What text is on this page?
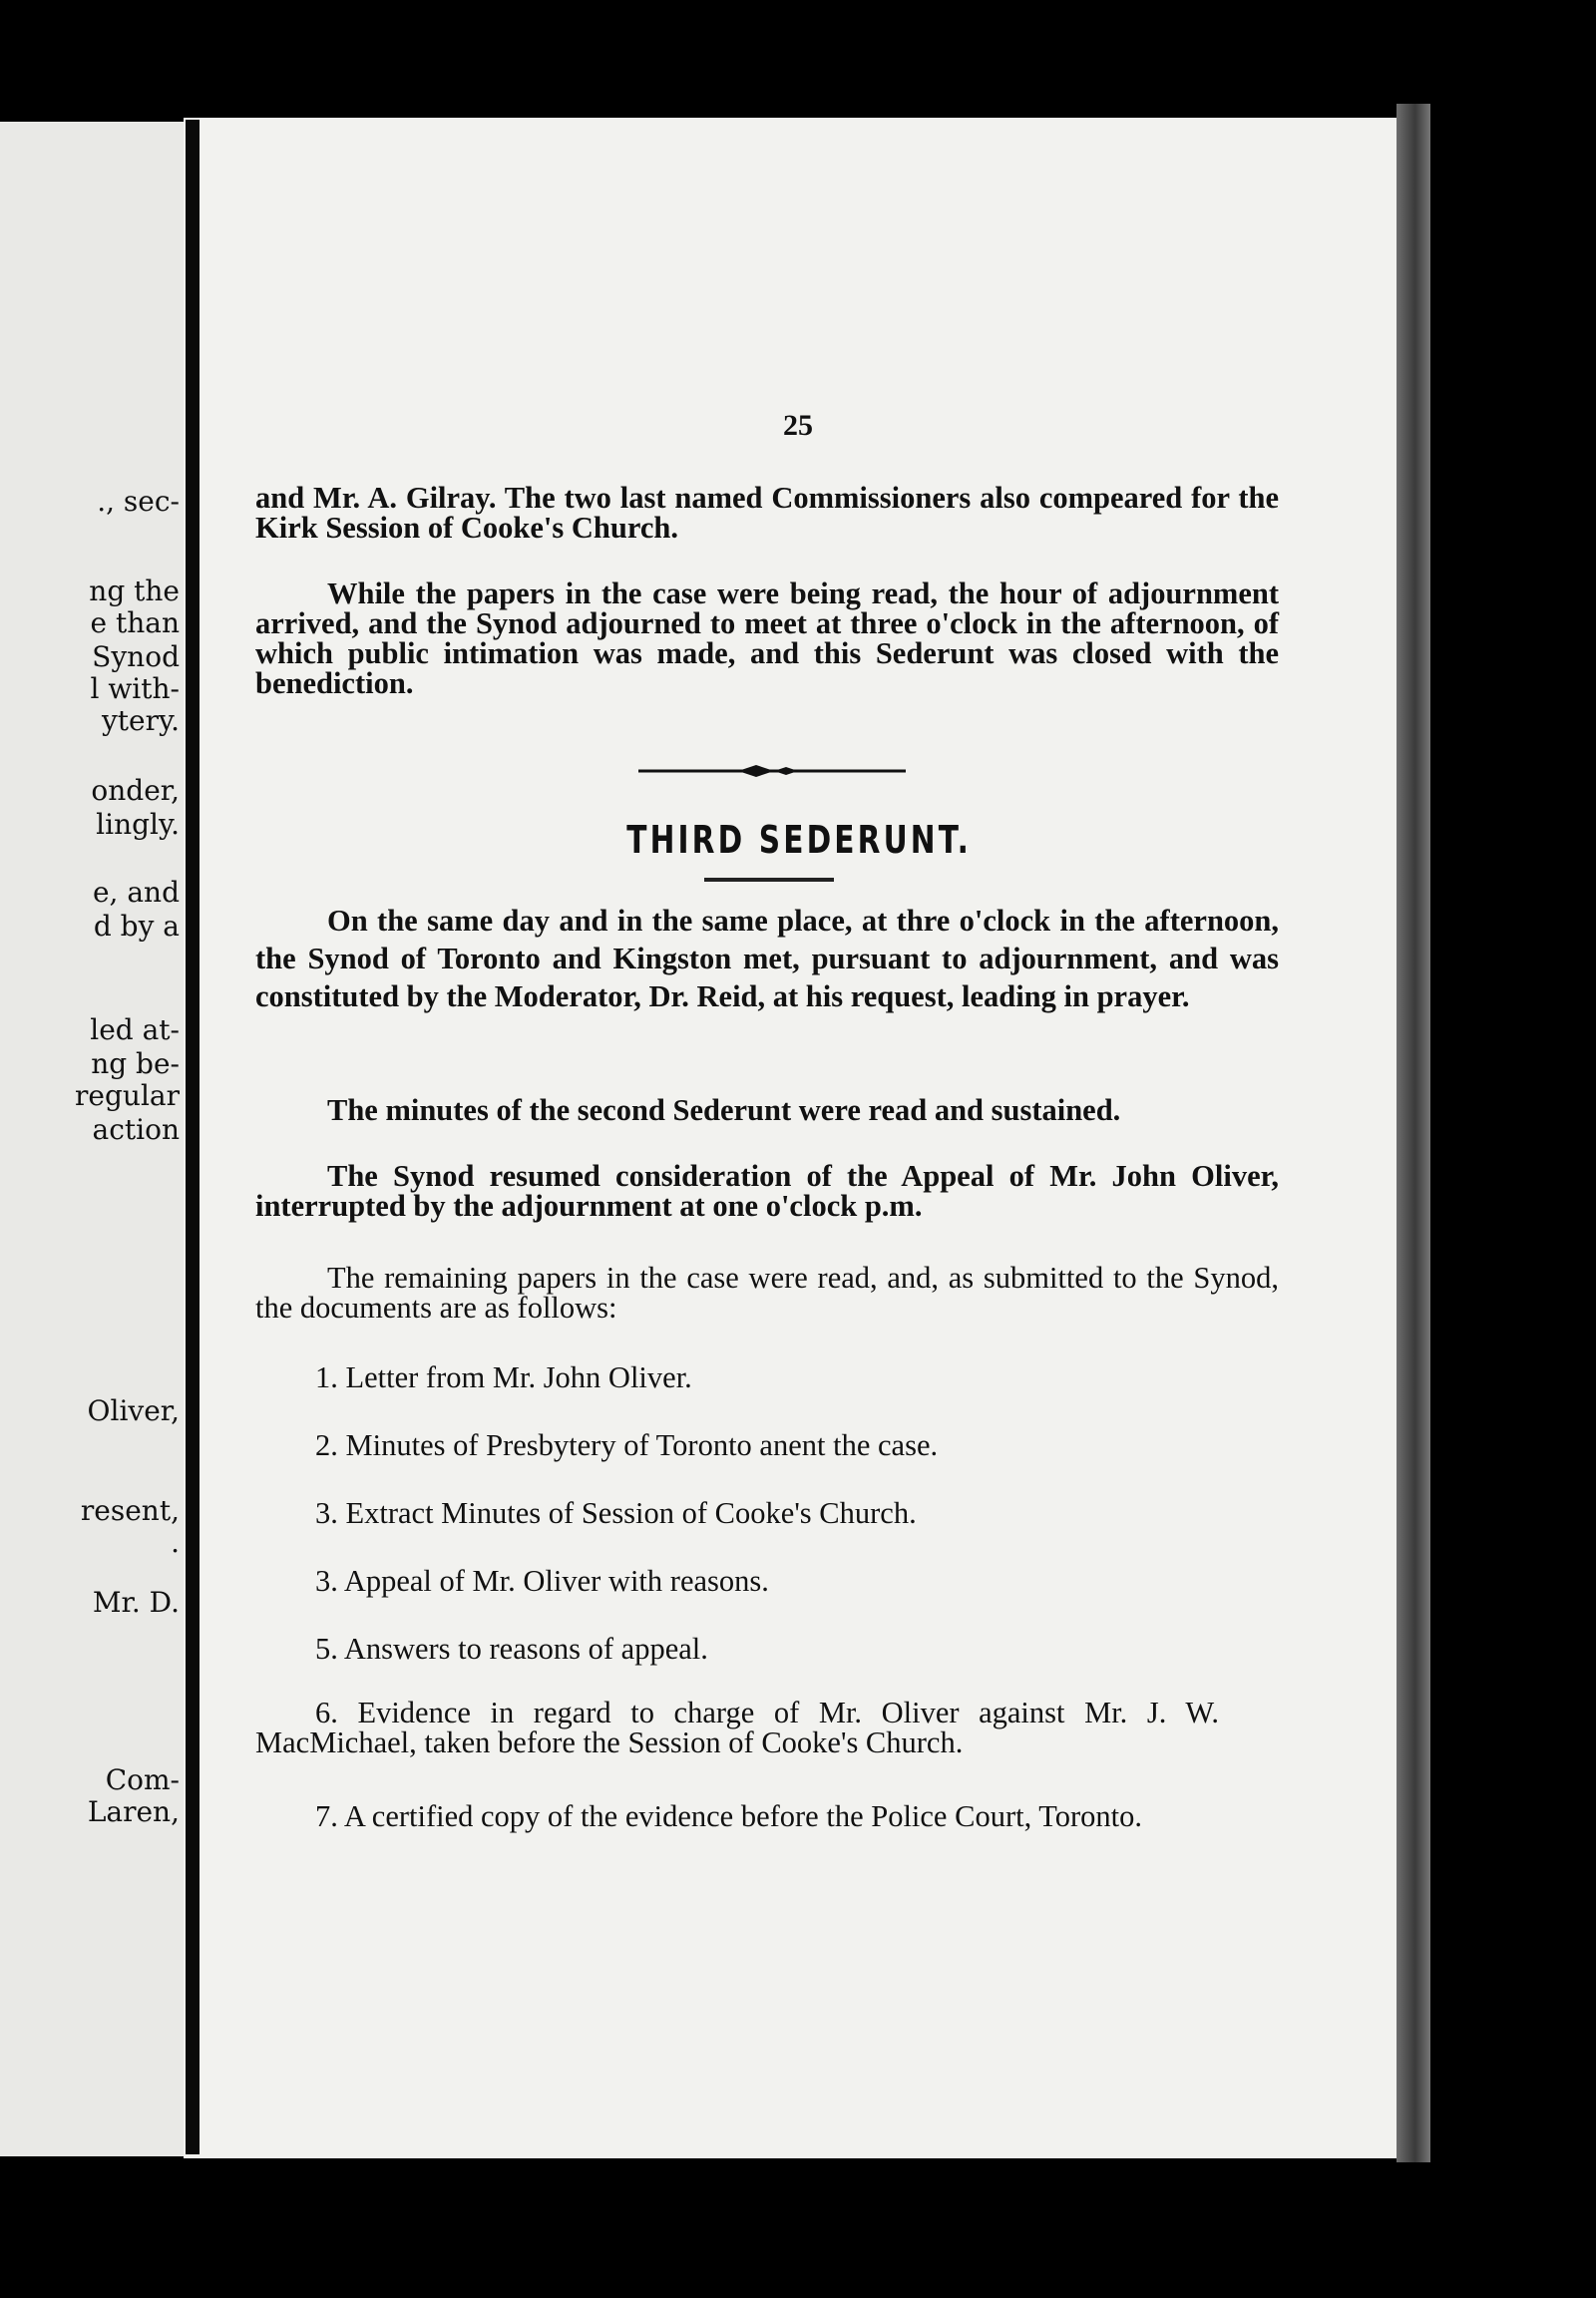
., sec-
ng the
e than
Synod
l with-
ytery.
onder,
lingly.
e, and
d by a
led at-
ng be-
regular
action
Oliver,
resent,
.
Mr. D.
Com-
Laren,
25

and Mr. A. Gilray. The two last named Commissioners also compeared for the Kirk Session of Cooke's Church.

While the papers in the case were being read, the hour of adjournment arrived, and the Synod adjourned to meet at three o'clock in the afternoon, of which public intimation was made, and this Sederunt was closed with the benediction.

THIRD SEDERUNT.

On the same day and in the same place, at thre o'clock in the afternoon, the Synod of Toronto and Kingston met, pursuant to adjournment, and was constituted by the Moderator, Dr. Reid, at his request, leading in prayer.

The minutes of the second Sederunt were read and sustained.

The Synod resumed consideration of the Appeal of Mr. John Oliver, interrupted by the adjournment at one o'clock p.m.

The remaining papers in the case were read, and, as submitted to the Synod, the documents are as follows:

1. Letter from Mr. John Oliver.
2. Minutes of Presbytery of Toronto anent the case.
3. Extract Minutes of Session of Cooke's Church.
3. Appeal of Mr. Oliver with reasons.
5. Answers to reasons of appeal.
6. Evidence in regard to charge of Mr. Oliver against Mr. J. W. MacMichael, taken before the Session of Cooke's Church.
7. A certified copy of the evidence before the Police Court, Toronto.
